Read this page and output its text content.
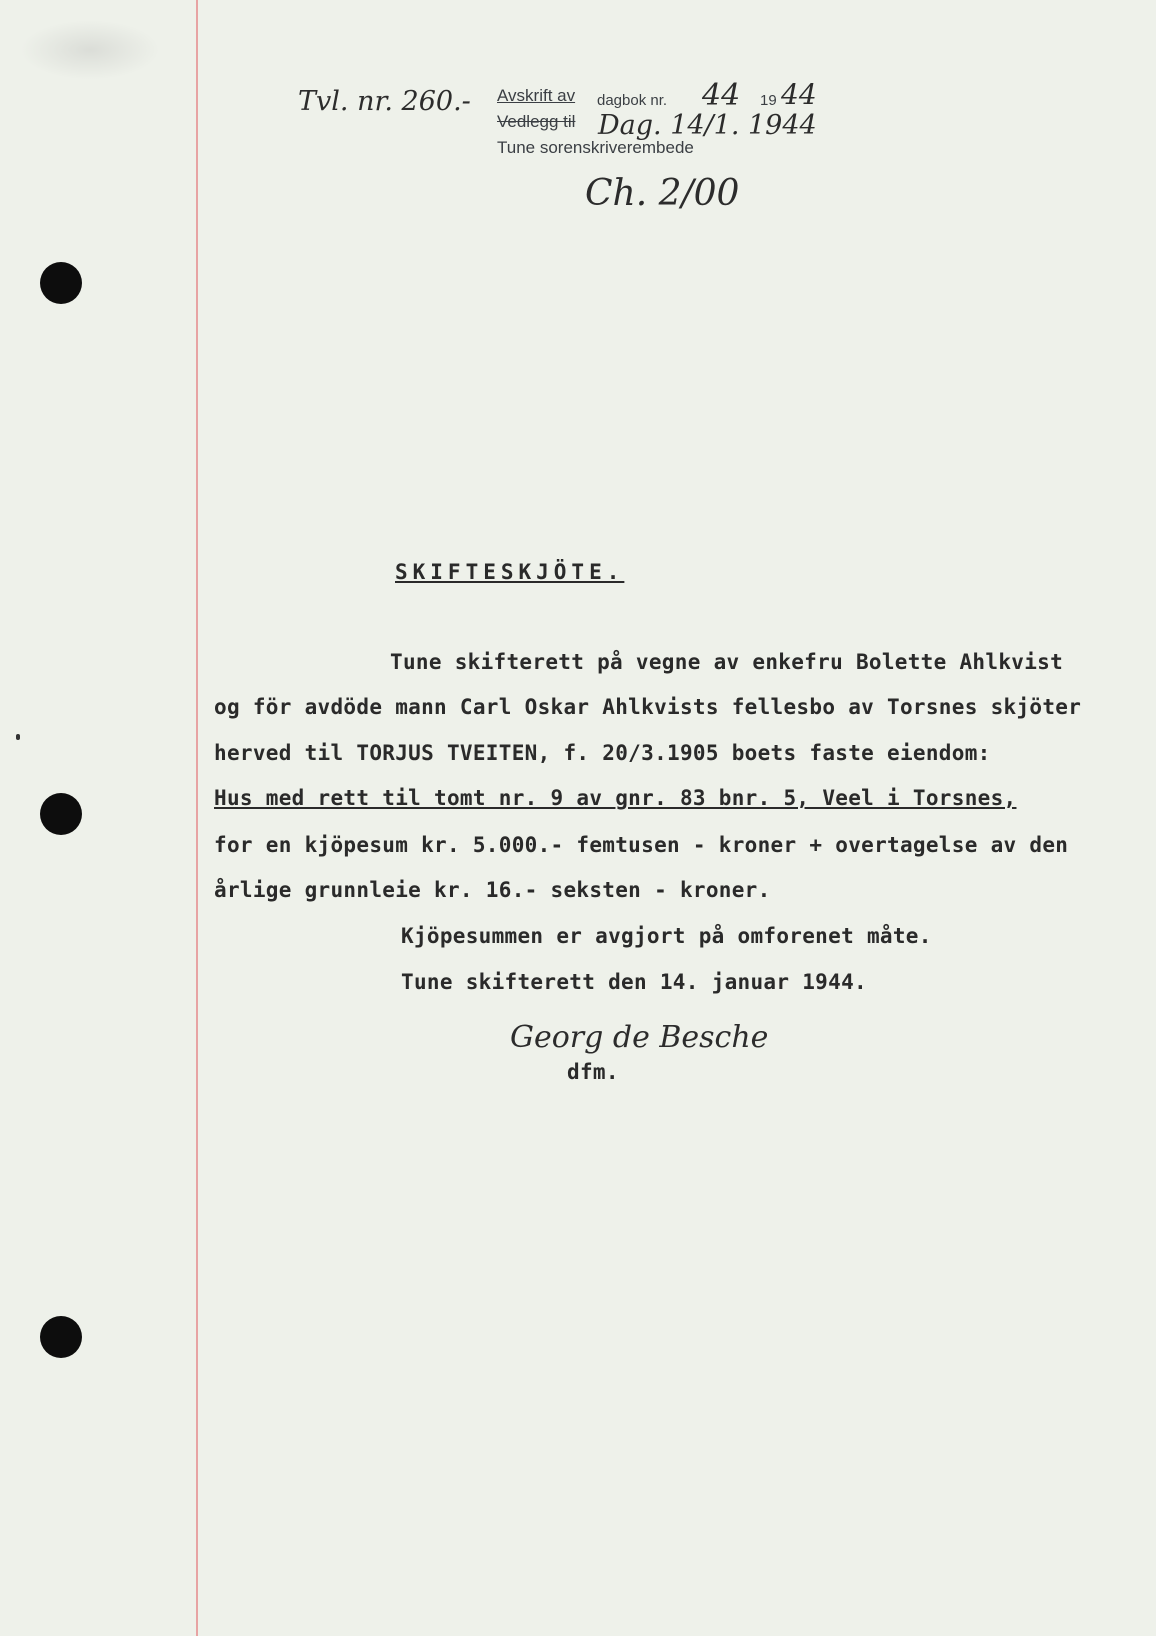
Tvl. nr. 260.- Avskrift av dagbok nr. 44 19 44
Vedlegg til Dag. 14/1. 1944
Tune sorenskriverembede
Ch. 2/00
SKIFTESKJÖTE.
Tune skifterett på vegne av enkefru Bolette Ahlkvist
og för avdöde mann Carl Oskar Ahlkvists fellesbo av Torsnes skjöter
herved til TORJUS TVEITEN, f. 20/3.1905 boets faste eiendom:
Hus med rett til tomt nr. 9 av gnr. 83 bnr. 5, Veel i Torsnes,
for en kjöpesum kr. 5.000.- femtusen - kroner + overtagelse av den
årlige grunnleie kr. 16.- seksten - kroner.
Kjöpesummen er avgjort på omforenet måte.
Tune skifterett den 14. januar 1944.
Georg de Besche
dfm.
